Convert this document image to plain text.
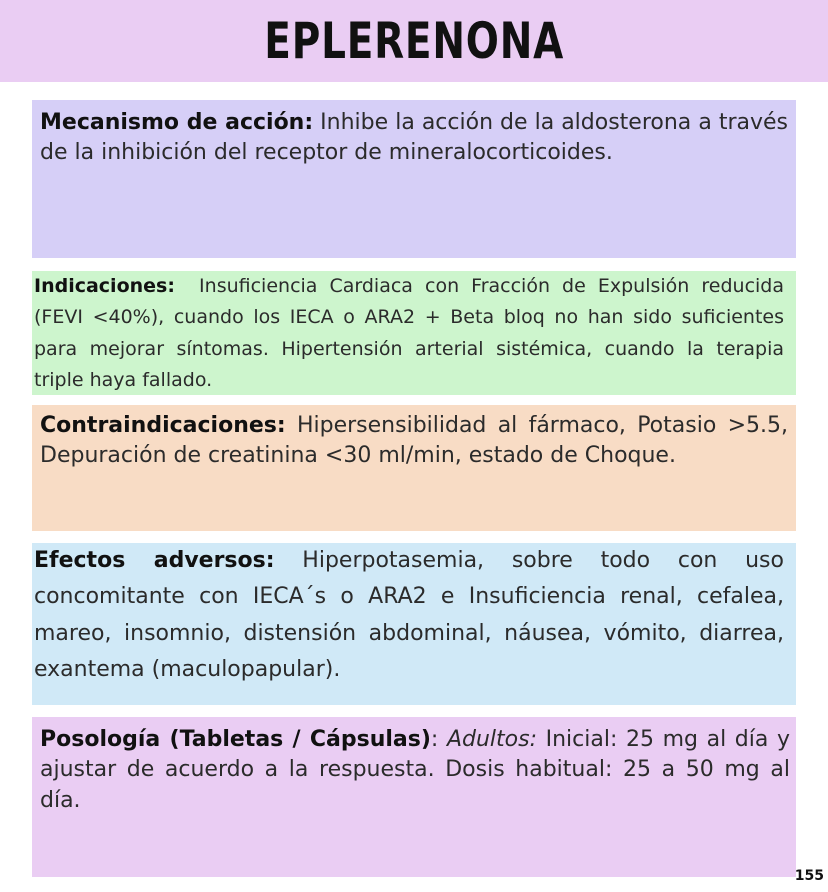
EPLERENONA
Mecanismo de acción: Inhibe la acción de la aldosterona a través de la inhibición del receptor de mineralocorticoides.
Indicaciones:  Insuficiencia Cardiaca con Fracción de Expulsión reducida (FEVI <40%), cuando los IECA o ARA2 + Beta bloq no han sido suficientes para mejorar síntomas. Hipertensión arterial sistémica, cuando la terapia triple haya fallado.
Contraindicaciones: Hipersensibilidad al fármaco, Potasio >5.5, Depuración de creatinina <30 ml/min, estado de Choque.
Efectos adversos: Hiperpotasemia, sobre todo con uso concomitante con IECA´s o ARA2 e Insuficiencia renal, cefalea, mareo, insomnio, distensión abdominal, náusea, vómito, diarrea, exantema (maculopapular).
Posología (Tabletas / Cápsulas): Adultos: Inicial: 25 mg al día y ajustar de acuerdo a la respuesta. Dosis habitual: 25 a 50 mg al día.
155
